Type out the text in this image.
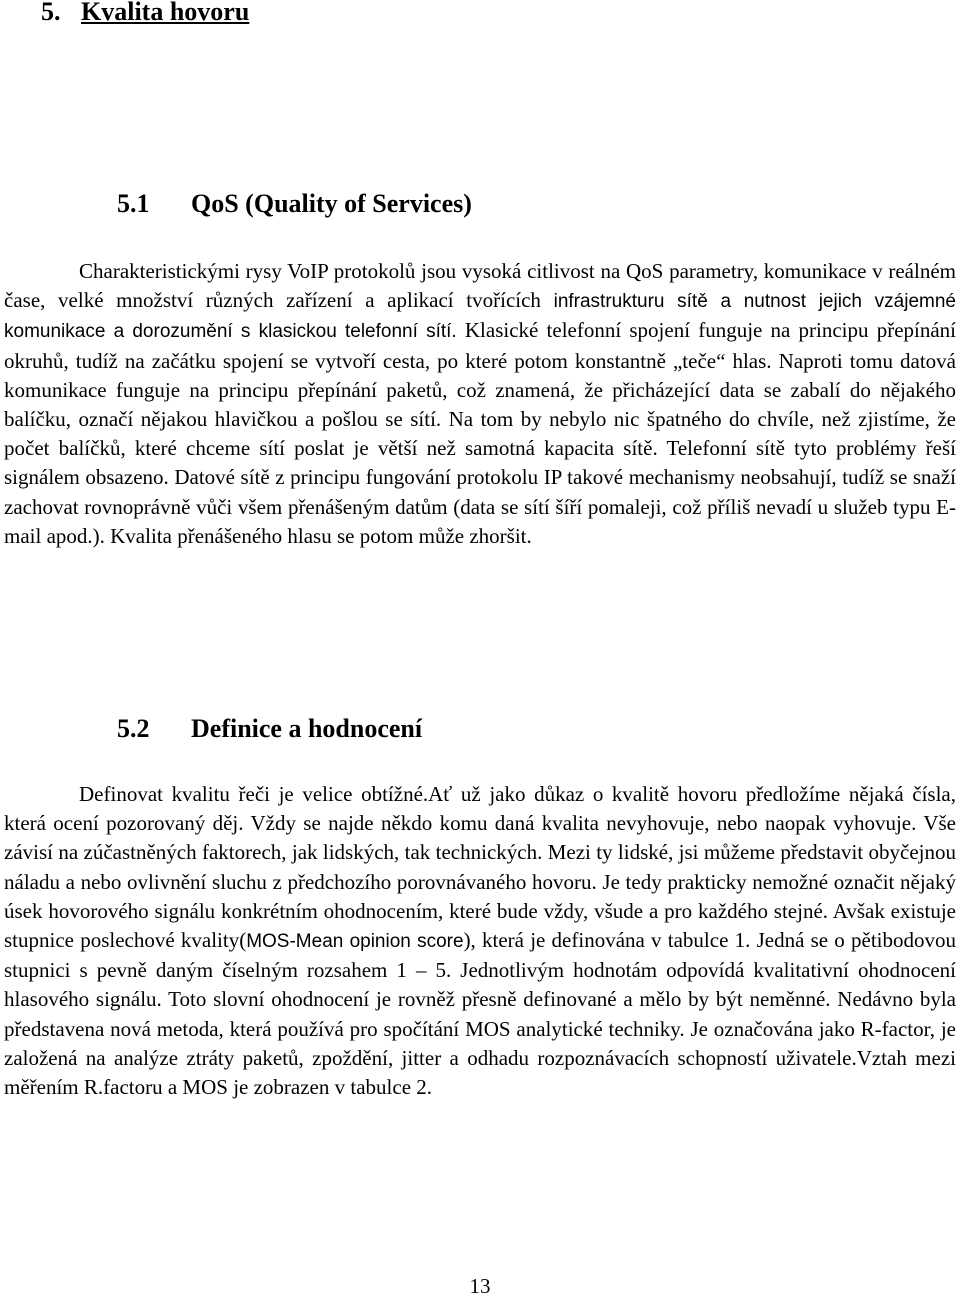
5. Kvalita hovoru
5.1 QoS (Quality of Services)

Charakteristickými rysy VoIP protokolů jsou vysoká citlivost na QoS parametry, komunikace v reálném čase, velké množství různých zařízení a aplikací tvořících infrastrukturu sítě a nutnost jejich vzájemné komunikace a dorozumění s klasickou telefonní sítí. Klasické telefonní spojení funguje na principu přepínání okruhů, tudíž na začátku spojení se vytvoří cesta, po které potom konstantně „teče“ hlas. Naproti tomu datová komunikace funguje na principu přepínání paketů, což znamená, že přicházející data se zabalí do nějakého balíčku, označí nějakou hlavičkou a pošlou se sítí. Na tom by nebylo nic špatného do chvíle, než zjistíme, že počet balíčků, které chceme sítí poslat je větší než samotná kapacita sítě. Telefonní sítě tyto problémy řeší signálem obsazeno. Datové sítě z principu fungování protokolu IP takové mechanismy neobsahují, tudíž se snaží zachovat rovnoprávně vůči všem přenášeným datům (data se sítí šíří pomaleji, což příliš nevadí u služeb typu E-mail apod.). Kvalita přenášeného hlasu se potom může zhoršit.

5.2 Definice a hodnocení

Definovat kvalitu řeči je velice obtížné.Ať už jako důkaz o kvalitě hovoru předložíme nějaká čísla, která ocení pozorovaný děj. Vždy se najde někdo komu daná kvalita nevyhovuje, nebo naopak vyhovuje. Vše závisí na zúčastněných faktorech, jak lidských, tak technických. Mezi ty lidské, jsi můžeme představit obyčejnou náladu a nebo ovlivnění sluchu z předchozího porovnávaného hovoru. Je tedy prakticky nemožné označit nějaký úsek hovorového signálu konkrétním ohodnocením, které bude vždy, všude a pro každého stejné. Avšak existuje stupnice poslechové kvality(MOS-Mean opinion score), která je definována v tabulce 1. Jedná se o pětibodovou stupnici s pevně daným číselným rozsahem 1 – 5. Jednotlivým hodnotám odpovídá kvalitativní ohodnocení hlasového signálu. Toto slovní ohodnocení je rovněž přesně definované a mělo by být neměnné. Nedávno byla představena nová metoda, která používá pro spočítání MOS analytické techniky. Je označována jako R-factor, je založená na analýze ztráty paketů, zpoždění, jitter a odhadu rozpoznávacích schopností uživatele.Vztah mezi měřením R.factoru a MOS je zobrazen v tabulce 2.

13
